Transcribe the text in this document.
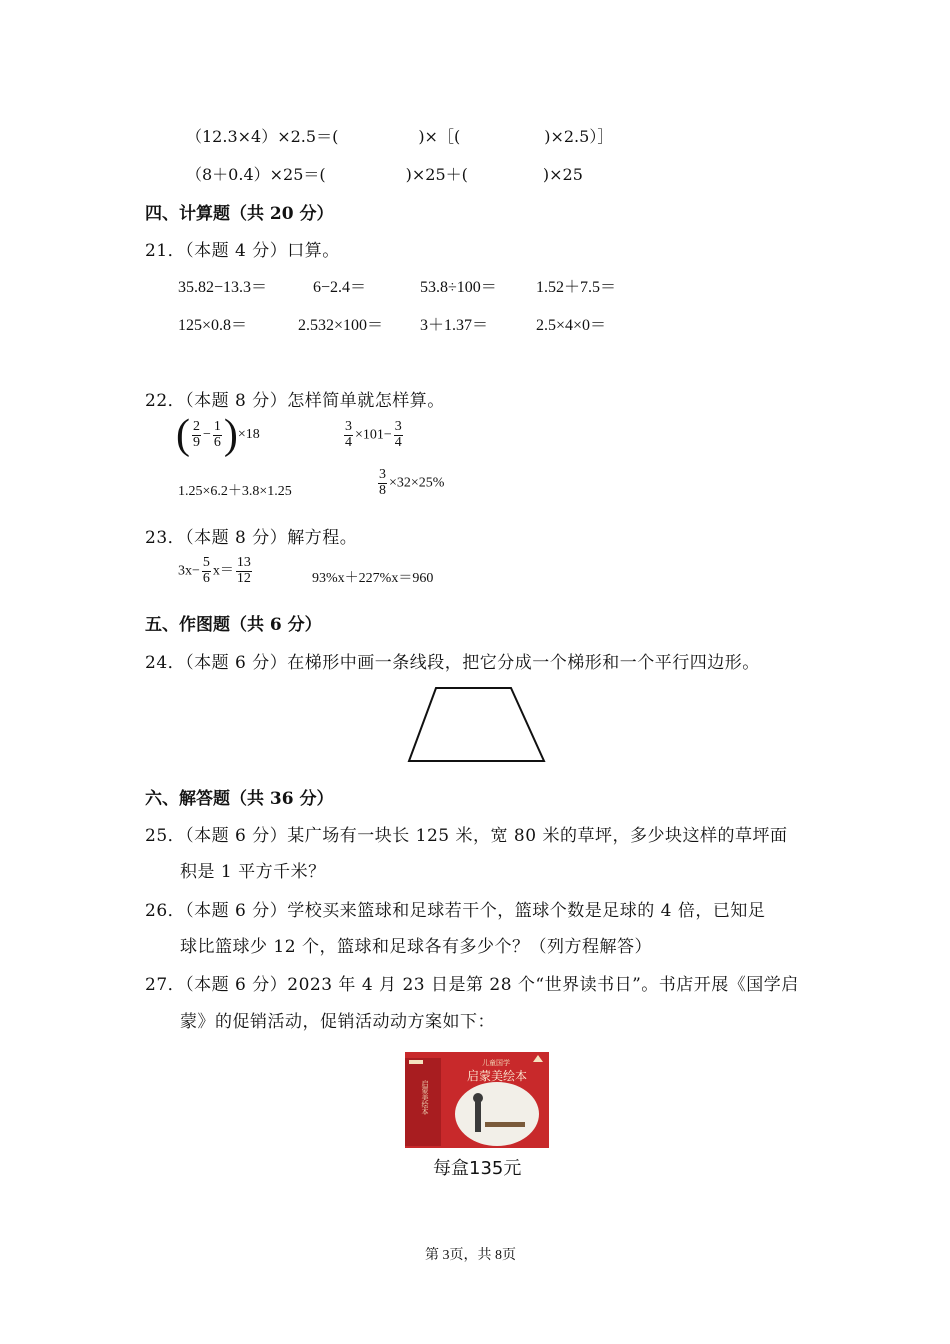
（12.3×4）×2.5＝(	)×［(	)×2.5）］
（8＋0.4）×25＝(	)×25＋(	)×25
四、计算题（共 20 分）
21．（本题 4 分）口算。
35.82−13.3＝	6−2.4＝	53.8÷100＝ 1.52＋7.5＝
125×0.8＝	2.532×100＝ 3＋1.37＝	2.5×4×0＝
22．（本题 8 分）怎样简单就怎样算。
( $\frac{2}{9} - \frac{1}{6} )\times 18$	$\frac{3}{4} \times 101- \frac{3}{4}$
1.25×6.2＋3.8×1.25	$\frac{3}{8} \times 32\times 25\%$
23．（本题 8 分）解方程。
$3x- \frac{5}{6} x= \frac{13}{12}$	93%x＋227%x＝960
五、作图题（共 6 分）
24．（本题 6 分）在梯形中画一条线段，把它分成一个梯形和一个平行四边形。
六、解答题（共 36 分）
25．（本题 6 分）某广场有一块长 125 米，宽 80 米的草坪，多少块这样的草坪面
积是 1 平方千米？
26．（本题 6 分）学校买来篮球和足球若干个，篮球个数是足球的 4 倍，已知足
球比篮球少 12 个，篮球和足球各有多少个？（列方程解答）
27．（本题 6 分）2023 年 4 月 23 日是第 28 个“世界读书日”。书店开展《国学启
蒙》的促销活动，促销活动动方案如下：
儿童国学
启蒙美绘本
启蒙美绘本
每盒135元
第 3页，共 8页
